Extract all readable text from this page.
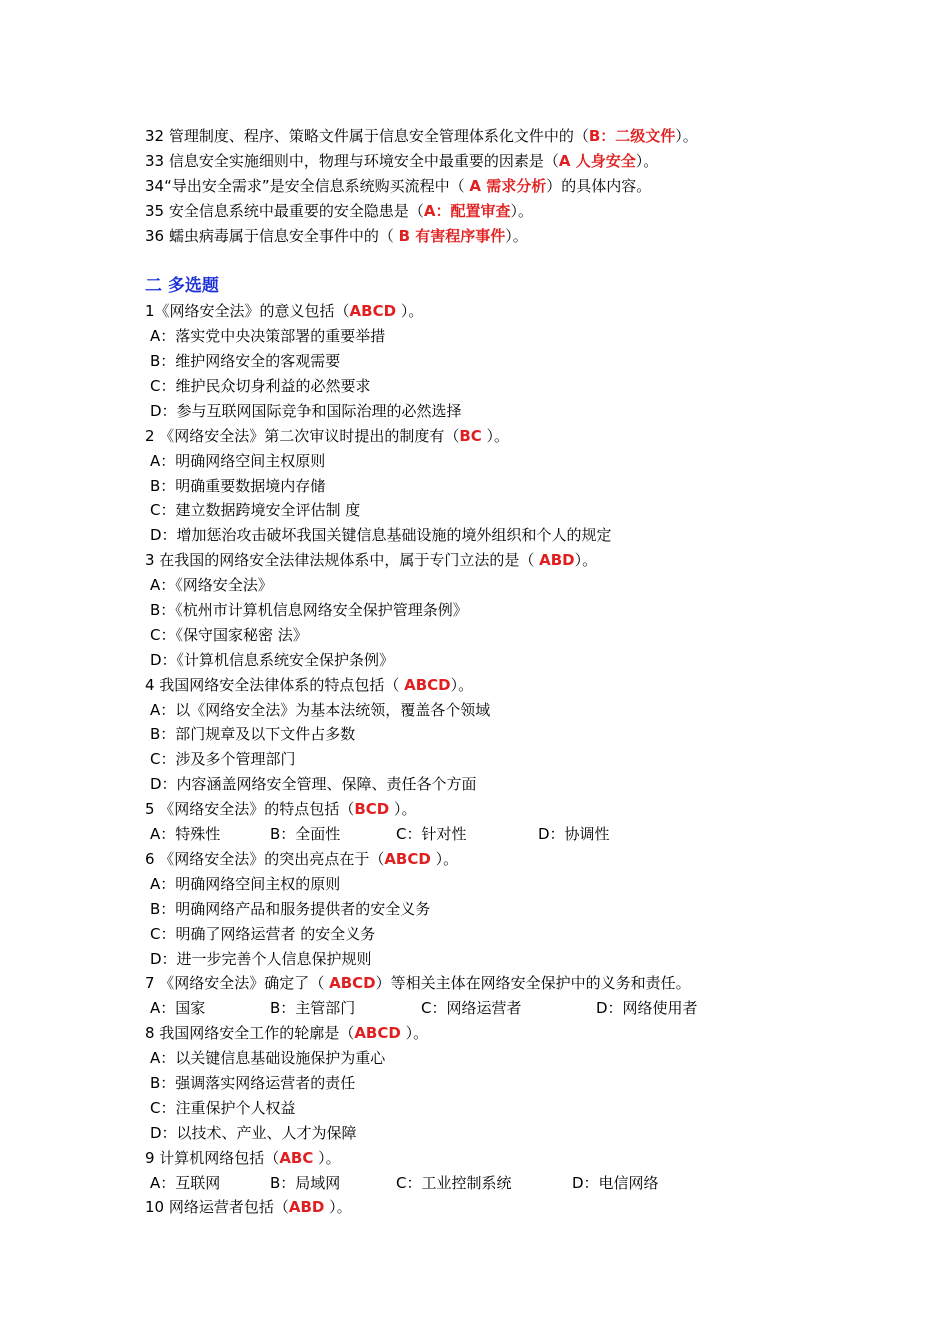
32 管理制度、程序、策略文件属于信息安全管理体系化文件中的（B：二级文件）。
33 信息安全实施细则中，物理与环境安全中最重要的因素是（A 人身安全）。
34“导出安全需求”是安全信息系统购买流程中（ A 需求分析）的具体内容。
35 安全信息系统中最重要的安全隐患是（A：配置审查）。
36 蠕虫病毒属于信息安全事件中的（ B 有害程序事件）。
二 多选题
1《网络安全法》的意义包括（ABCD ）。
A：落实党中央决策部署的重要举措
B：维护网络安全的客观需要
C：维护民众切身利益的必然要求
D：参与互联网国际竞争和国际治理的必然选择
2 《网络安全法》第二次审议时提出的制度有（BC ）。
A：明确网络空间主权原则
B：明确重要数据境内存储
C：建立数据跨境安全评估制 度
D：增加惩治攻击破坏我国关键信息基础设施的境外组织和个人的规定
3 在我国的网络安全法律法规体系中，属于专门立法的是（ ABD）。
A：《网络安全法》
B：《杭州市计算机信息网络安全保护管理条例》
C：《保守国家秘密 法》
D：《计算机信息系统安全保护条例》
4 我国网络安全法律体系的特点包括（ ABCD）。
A：以《网络安全法》为基本法统领，覆盖各个领域
B：部门规章及以下文件占多数
C：涉及多个管理部门
D：内容涵盖网络安全管理、保障、责任各个方面
5 《网络安全法》的特点包括（BCD ）。
A：特殊性	B：全面性	C：针对性	D：协调性
6 《网络安全法》的突出亮点在于（ABCD ）。
A：明确网络空间主权的原则
B：明确网络产品和服务提供者的安全义务
C：明确了网络运营者 的安全义务
D：进一步完善个人信息保护规则
7 《网络安全法》确定了（ ABCD）等相关主体在网络安全保护中的义务和责任。
A：国家	B：主管部门	C：网络运营者	D：网络使用者
8 我国网络安全工作的轮廓是（ABCD ）。
A：以关键信息基础设施保护为重心
B：强调落实网络运营者的责任
C：注重保护个人权益
D：以技术、产业、人才为保障
9 计算机网络包括（ABC ）。
A：互联网	B：局域网	C：工业控制系统	D：电信网络
10 网络运营者包括（ABD ）。
